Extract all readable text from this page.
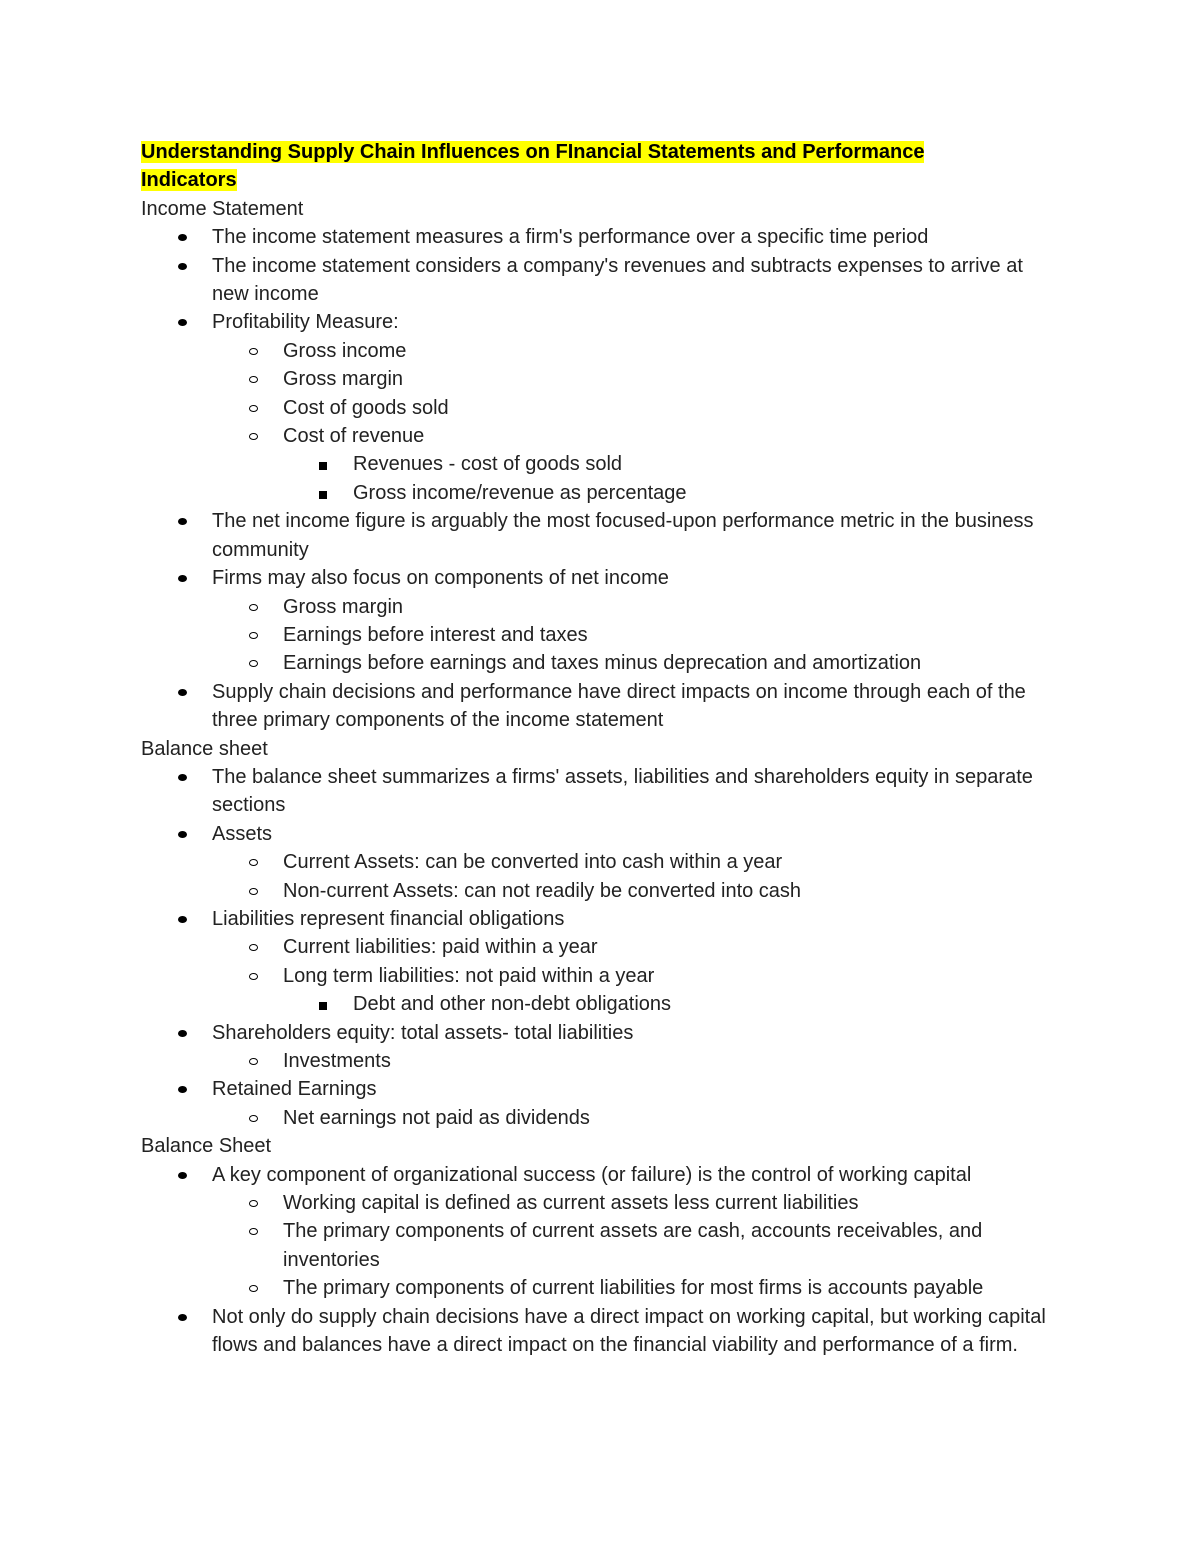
Understanding Supply Chain Influences on FInancial Statements and Performance
Indicators
Income Statement
The income statement measures a firm's performance over a specific time period
The income statement considers a company's revenues and subtracts expenses to arrive at new income
Profitability Measure:
Gross income
Gross margin
Cost of goods sold
Cost of revenue
Revenues - cost of goods sold
Gross income/revenue as percentage
The net income figure is arguably the most focused-upon performance metric in the business community
Firms may also focus on components of net income
Gross margin
Earnings before interest and taxes
Earnings before earnings and taxes minus deprecation and amortization
Supply chain decisions and performance have direct impacts on income through each of the three primary components of the income statement
Balance sheet
The balance sheet summarizes a firms' assets, liabilities and shareholders equity in separate sections
Assets
Current Assets: can be converted into cash within a year
Non-current Assets: can not readily be converted into cash
Liabilities represent financial obligations
Current liabilities: paid within a year
Long term liabilities: not paid within a year
Debt and other non-debt obligations
Shareholders equity: total assets- total liabilities
Investments
Retained Earnings
Net earnings not paid as dividends
Balance Sheet
A key component of organizational success (or failure) is the control of working capital
Working capital is defined as current assets less current liabilities
The primary components of current assets are cash, accounts receivables, and inventories
The primary components of current liabilities for most firms is accounts payable
Not only do supply chain decisions have a direct impact on working capital, but working capital flows and balances have a direct impact on the financial viability and performance of a firm.
